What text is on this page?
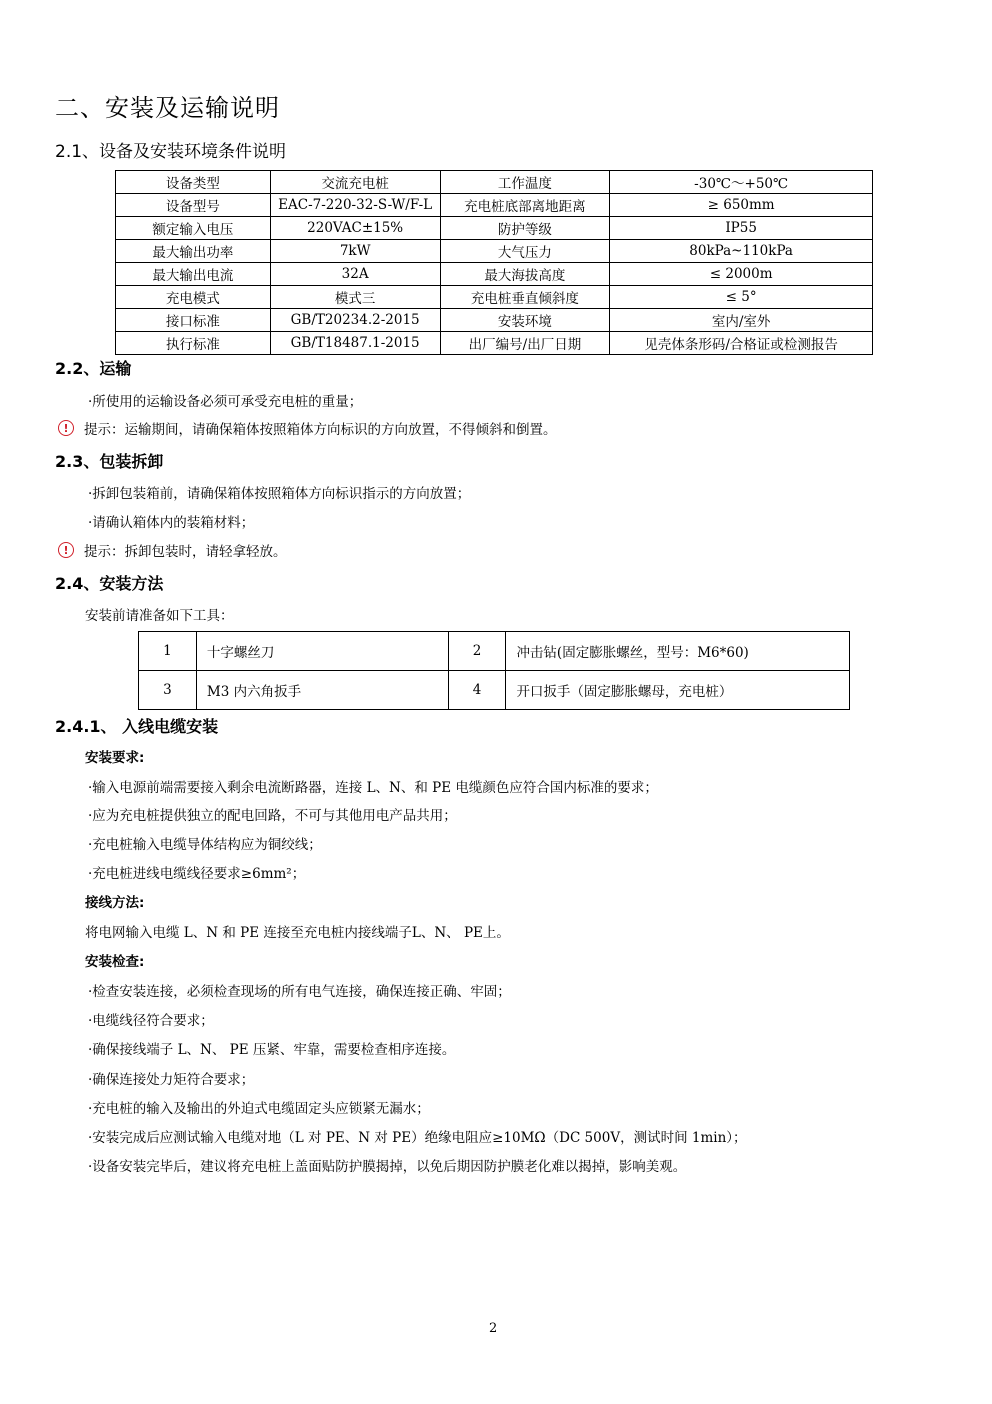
二、安装及运输说明
2.1、设备及安装环境条件说明
设备类型	交流充电桩	工作温度	-30℃～+50℃
设备型号	EAC-7-220-32-S-W/F-L	充电桩底部离地距离	≥ 650mm
额定输入电压	220VAC±15%	防护等级	IP55
最大输出功率	7kW	大气压力	80kPa~110kPa
最大输出电流	32A	最大海拔高度	≤ 2000m
充电模式	模式三	充电桩垂直倾斜度	≤ 5°
接口标准	GB/T20234.2-2015	安装环境	室内/室外
执行标准	GB/T18487.1-2015	出厂编号/出厂日期	见壳体条形码/合格证或检测报告
2.2、运输
·所使用的运输设备必须可承受充电桩的重量；
!	提示：运输期间，请确保箱体按照箱体方向标识的方向放置，不得倾斜和倒置。
2.3、包装拆卸
·拆卸包装箱前，请确保箱体按照箱体方向标识指示的方向放置；
·请确认箱体内的装箱材料；
!	提示：拆卸包装时，请轻拿轻放。
2.4、安装方法
安装前请准备如下工具：
1	十字螺丝刀	2	冲击钻(固定膨胀螺丝，型号：M6*60)
3	M3 内六角扳手	4	开口扳手（固定膨胀螺母，充电桩）
2.4.1、 入线电缆安装
安装要求:
·输入电源前端需要接入剩余电流断路器，连接 L、N、和 PE 电缆颜色应符合国内标准的要求；
·应为充电桩提供独立的配电回路，不可与其他用电产品共用；
·充电桩输入电缆导体结构应为铜绞线；
·充电桩进线电缆线径要求≥6mm²；
接线方法:
将电网输入电缆 L、N 和 PE 连接至充电桩内接线端子L、N、 PE上。
安装检查:
·检查安装连接，必须检查现场的所有电气连接，确保连接正确、牢固；
·电缆线径符合要求；
·确保接线端子 L、N、 PE 压紧、牢靠，需要检查相序连接。
·确保连接处力矩符合要求；
·充电桩的输入及输出的外迫式电缆固定头应锁紧无漏水；
·安装完成后应测试输入电缆对地（L 对 PE、N 对 PE）绝缘电阻应≥10MΩ（DC 500V，测试时间 1min）；
·设备安装完毕后，建议将充电桩上盖面贴防护膜揭掉，以免后期因防护膜老化难以揭掉，影响美观。
2
